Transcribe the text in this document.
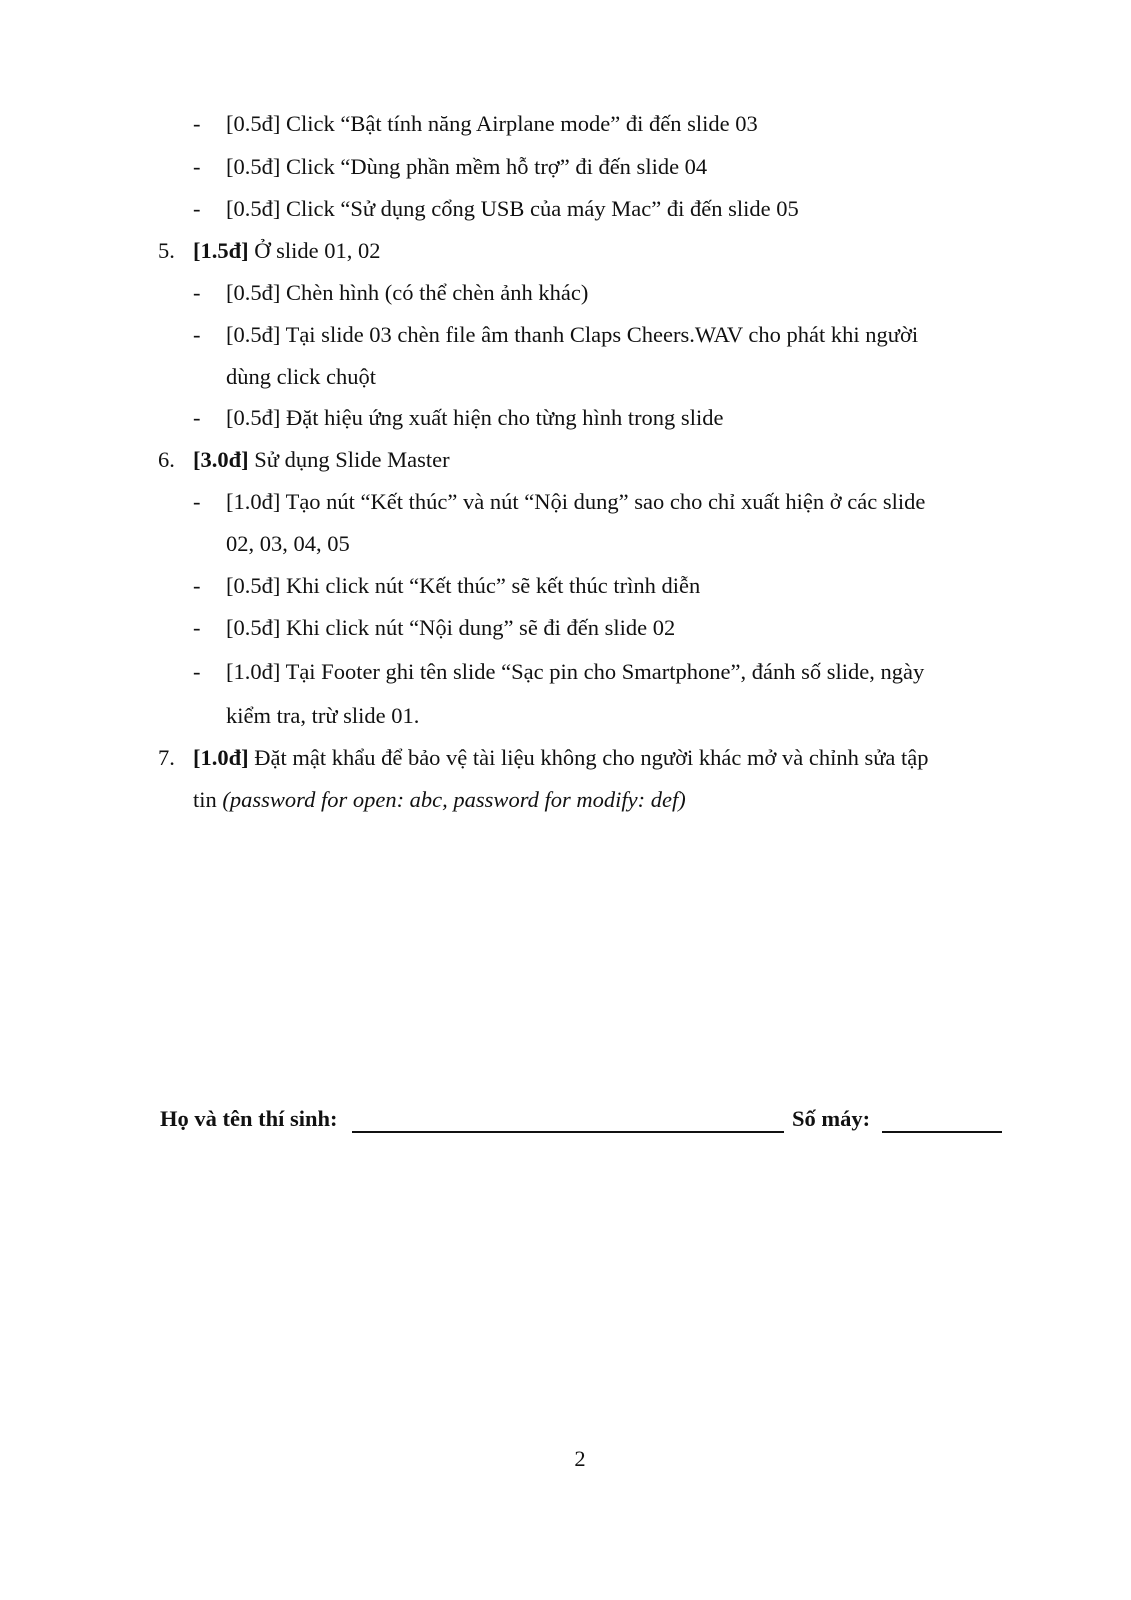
- [0.5đ] Click “Bật tính năng Airplane mode” đi đến slide 03
- [0.5đ] Click “Dùng phần mềm hỗ trợ” đi đến slide 04
- [0.5đ] Click “Sử dụng cổng USB của máy Mac” đi đến slide 05
5. [1.5đ] Ở slide 01, 02
- [0.5đ] Chèn hình (có thể chèn ảnh khác)
- [0.5đ] Tại slide 03 chèn file âm thanh Claps Cheers.WAV cho phát khi người
dùng click chuột
- [0.5đ] Đặt hiệu ứng xuất hiện cho từng hình trong slide
6. [3.0đ] Sử dụng Slide Master
- [1.0đ] Tạo nút “Kết thúc” và nút “Nội dung” sao cho chỉ xuất hiện ở các slide
02, 03, 04, 05
- [0.5đ] Khi click nút “Kết thúc” sẽ kết thúc trình diễn
- [0.5đ] Khi click nút “Nội dung” sẽ đi đến slide 02
- [1.0đ] Tại Footer ghi tên slide “Sạc pin cho Smartphone”, đánh số slide, ngày
kiểm tra, trừ slide 01.
7. [1.0đ] Đặt mật khẩu để bảo vệ tài liệu không cho người khác mở và chỉnh sửa tập
tin (password for open: abc, password for modify: def)
Họ và tên thí sinh:	Số máy:
2
